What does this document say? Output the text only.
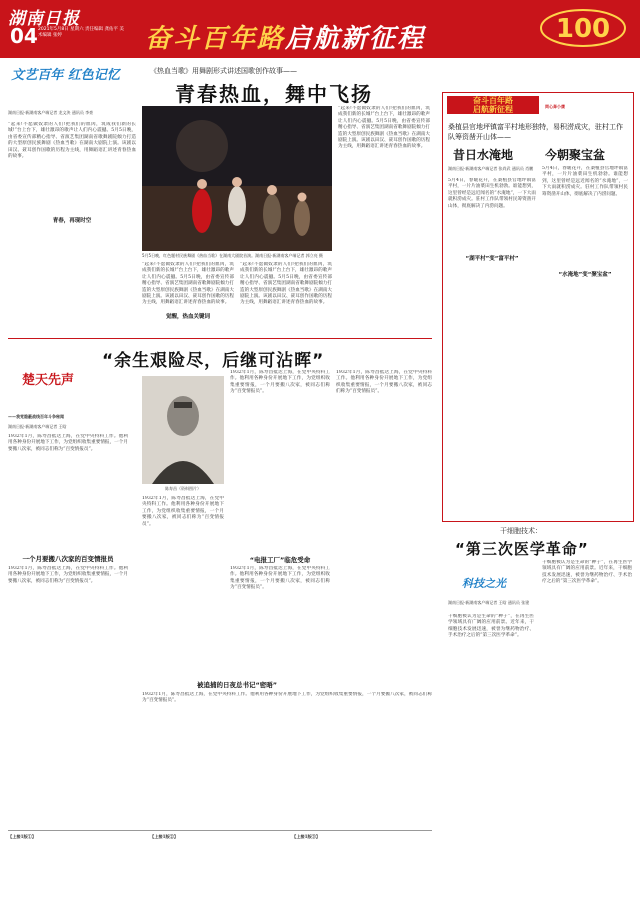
湖南日报
04 2021年5月8日 星期六 责任编辑 龚佑平 美术编辑 张婷	奋斗百年路启航新征程	100
《热血当歌》用舞剧形式讲述国歌创作故事——
青春热血，舞中飞扬
文艺百年 红色记忆
湖南日报·新湖南客户端记者 龙文泱 通讯员 李豪
“起来!不愿做奴隶的人们!把我们的血肉，筑成我们新的长城!”台上台下，雄壮激昂的歌声让人们内心震撼。5月5日晚，由省委宣传部精心指导、省演艺集团湖南省歌舞剧院倾力打造的大型原创民族舞剧《热血当歌》在湖南大剧院上演。该剧以田汉、聂耳创作国歌的历程为主线，用舞蹈语汇讲述青春热血的故事。
青春，再现时空
5月5日晚，红色题材民族舞剧《热血当歌》在湖南大剧院首演。湖南日报·新湖南客户端记者 郭立亮 摄
“起来!不愿做奴隶的人们!把我们的血肉，筑成我们新的长城!”台上台下，雄壮激昂的歌声让人们内心震撼。5月5日晚，由省委宣传部精心指导、省演艺集团湖南省歌舞剧院倾力打造的大型原创民族舞剧《热血当歌》在湖南大剧院上演。该剧以田汉、聂耳创作国歌的历程为主线，用舞蹈语汇讲述青春热血的故事。
“起来!不愿做奴隶的人们!把我们的血肉，筑成我们新的长城!”台上台下，雄壮激昂的歌声让人们内心震撼。5月5日晚，由省委宣传部精心指导、省演艺集团湖南省歌舞剧院倾力打造的大型原创民族舞剧《热血当歌》在湖南大剧院上演。该剧以田汉、聂耳创作国歌的历程为主线，用舞蹈语汇讲述青春热血的故事。
觉醒，热血关键词
“起来!不愿做奴隶的人们!把我们的血肉，筑成我们新的长城!”台上台下，雄壮激昂的歌声让人们内心震撼。5月5日晚，由省委宣传部精心指导、省演艺集团湖南省歌舞剧院倾力打造的大型原创民族舞剧《热血当歌》在湖南大剧院上演。该剧以田汉、聂耳创作国歌的历程为主线，用舞蹈语汇讲述青春热血的故事。
“余生艰险尽，后继可沾晖”
楚天先声
——我党隐蔽战线百年斗争秘闻
湖南日报·新湖南客户端记者 王晗
1932年1月，陈寿昌抵达上海，在党中央特科工作。他利用各种身份开展地下工作，为党组织收集重要情报，一个月要搬八次家，被同志们称为“百变情报员”。
一个月要搬八次家的百变情报员
1932年1月，陈寿昌抵达上海，在党中央特科工作。他利用各种身份开展地下工作，为党组织收集重要情报，一个月要搬八次家，被同志们称为“百变情报员”。
陈寿昌（资料图片）
1932年1月，陈寿昌抵达上海，在党中央特科工作。他利用各种身份开展地下工作，为党组织收集重要情报，一个月要搬八次家，被同志们称为“百变情报员”。
1932年1月，陈寿昌抵达上海，在党中央特科工作。他利用各种身份开展地下工作，为党组织收集重要情报，一个月要搬八次家，被同志们称为“百变情报员”。
1932年1月，陈寿昌抵达上海，在党中央特科工作。他利用各种身份开展地下工作，为党组织收集重要情报，一个月要搬八次家，被同志们称为“百变情报员”。
“电报工厂”临危受命
1932年1月，陈寿昌抵达上海，在党中央特科工作。他利用各种身份开展地下工作，为党组织收集重要情报，一个月要搬八次家，被同志们称为“百变情报员”。
被追捕的日夜总书记“密晤”
1932年1月，陈寿昌抵达上海，在党中央特科工作。他利用各种身份开展地下工作，为党组织收集重要情报，一个月要搬八次家，被同志们称为“百变情报员”。
奋斗百年路
启航新征程	同心奔小康
桑植县官地坪镇富平村地形独特，易积涝成灾，驻村工作队筹资凿开山体——
昔日水淹地	今朝聚宝盆
湖南日报·新湖南客户端记者 张尚武 通讯员 肖鹏
5月4日，春暖花开，在桑植县官地坪镇富平村，一片片油菜田生机勃勃。谁能想到，这里曾经是远近闻名的“水淹地”，一下大雨就积涝成灾。驻村工作队带领村民筹资凿开山体，彻底解决了内涝问题。
“湖平村”变“富平村”
5月4日，春暖花开，在桑植县官地坪镇富平村，一片片油菜田生机勃勃。谁能想到，这里曾经是远近闻名的“水淹地”，一下大雨就积涝成灾。驻村工作队带领村民筹资凿开山体，彻底解决了内涝问题。
“水淹地”变“聚宝盆”
干细胞技术：
“第三次医学革命”
科技之光
湖南日报·新湖南客户端记者 王晗 通讯员 张建
干细胞被认为是生命的“种子”，在再生医学领域具有广阔的应用前景。近年来，干细胞技术发展迅速，被誉为继药物治疗、手术治疗之后的“第三次医学革命”。
干细胞被认为是生命的“种子”，在再生医学领域具有广阔的应用前景。近年来，干细胞技术发展迅速，被誉为继药物治疗、手术治疗之后的“第三次医学革命”。
【上接1版①】	【上接1版②】	【上接1版③】
